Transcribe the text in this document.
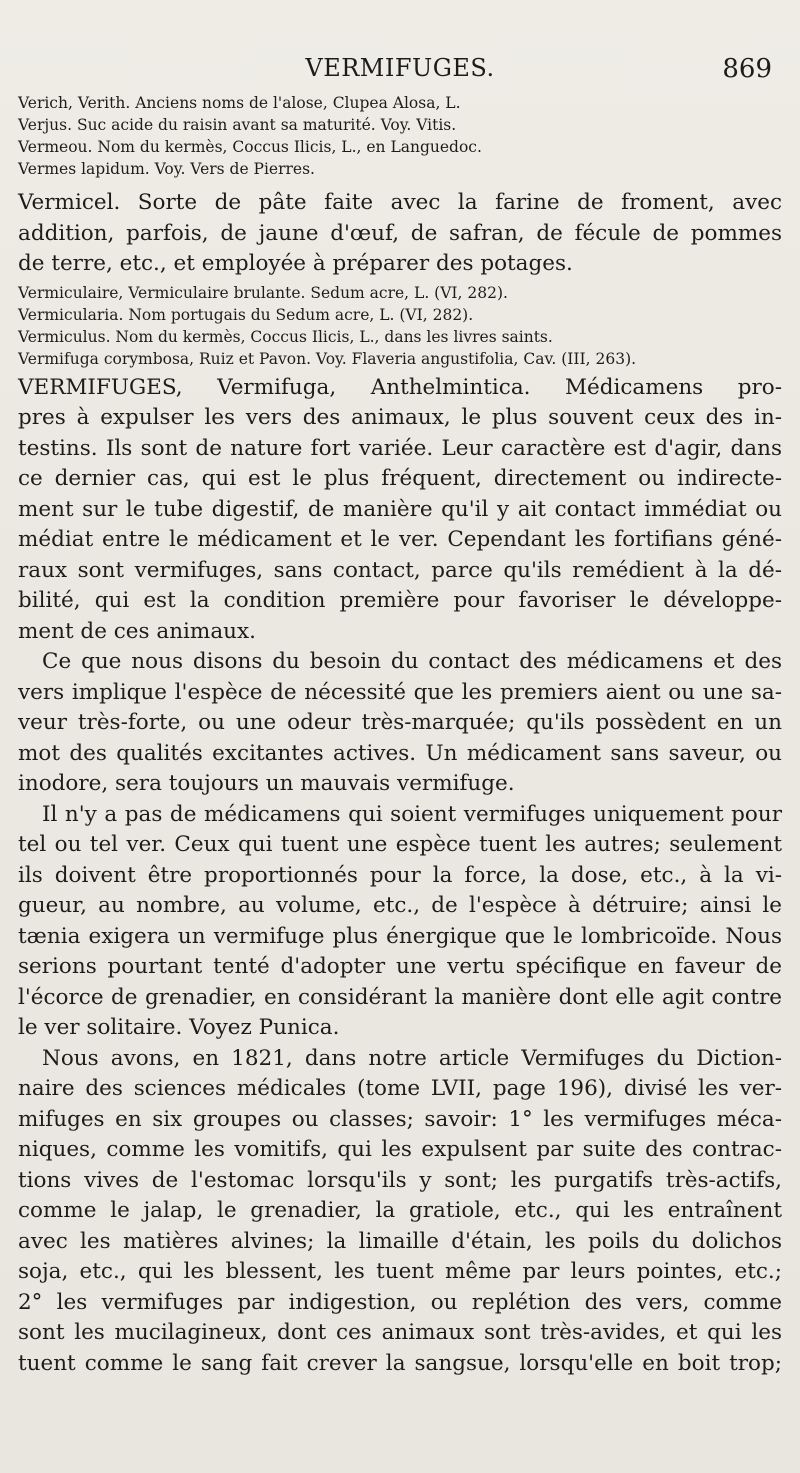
VERMIFUGES.	869
Verich, Verith. Anciens noms de l'alose, Clupea Alosa, L.
Verjus. Suc acide du raisin avant sa maturité. Voy. Vitis.
Vermeou. Nom du kermès, Coccus Ilicis, L., en Languedoc.
Vermes lapidum. Voy. Vers de Pierres.
Vermicel. Sorte de pâte faite avec la farine de froment, avec
addition, parfois, de jaune d'œuf, de safran, de fécule de pommes
de terre, etc., et employée à préparer des potages.
Vermiculaire, Vermiculaire brulante. Sedum acre, L. (VI, 282).
Vermicularia. Nom portugais du Sedum acre, L. (VI, 282).
Vermiculus. Nom du kermès, Coccus Ilicis, L., dans les livres saints.
Vermifuga corymbosa, Ruiz et Pavon. Voy. Flaveria angustifolia, Cav. (III, 263).
VERMIFUGES, Vermifuga, Anthelmintica. Médicamens pro-
pres à expulser les vers des animaux, le plus souvent ceux des in-
testins. Ils sont de nature fort variée. Leur caractère est d'agir, dans
ce dernier cas, qui est le plus fréquent, directement ou indirecte-
ment sur le tube digestif, de manière qu'il y ait contact immédiat ou
médiat entre le médicament et le ver. Cependant les fortifians géné-
raux sont vermifuges, sans contact, parce qu'ils remédient à la dé-
bilité, qui est la condition première pour favoriser le développe-
ment de ces animaux.
Ce que nous disons du besoin du contact des médicamens et des
vers implique l'espèce de nécessité que les premiers aient ou une sa-
veur très-forte, ou une odeur très-marquée; qu'ils possèdent en un
mot des qualités excitantes actives. Un médicament sans saveur, ou
inodore, sera toujours un mauvais vermifuge.
Il n'y a pas de médicamens qui soient vermifuges uniquement pour
tel ou tel ver. Ceux qui tuent une espèce tuent les autres; seulement
ils doivent être proportionnés pour la force, la dose, etc., à la vi-
gueur, au nombre, au volume, etc., de l'espèce à détruire; ainsi le
tænia exigera un vermifuge plus énergique que le lombricoïde. Nous
serions pourtant tenté d'adopter une vertu spécifique en faveur de
l'écorce de grenadier, en considérant la manière dont elle agit contre
le ver solitaire. Voyez Punica.
Nous avons, en 1821, dans notre article Vermifuges du Diction-
naire des sciences médicales (tome LVII, page 196), divisé les ver-
mifuges en six groupes ou classes; savoir: 1° les vermifuges méca-
niques, comme les vomitifs, qui les expulsent par suite des contrac-
tions vives de l'estomac lorsqu'ils y sont; les purgatifs très-actifs,
comme le jalap, le grenadier, la gratiole, etc., qui les entraînent
avec les matières alvines; la limaille d'étain, les poils du dolichos
soja, etc., qui les blessent, les tuent même par leurs pointes, etc.;
2° les vermifuges par indigestion, ou replétion des vers, comme
sont les mucilagineux, dont ces animaux sont très-avides, et qui les
tuent comme le sang fait crever la sangsue, lorsqu'elle en boit trop;
